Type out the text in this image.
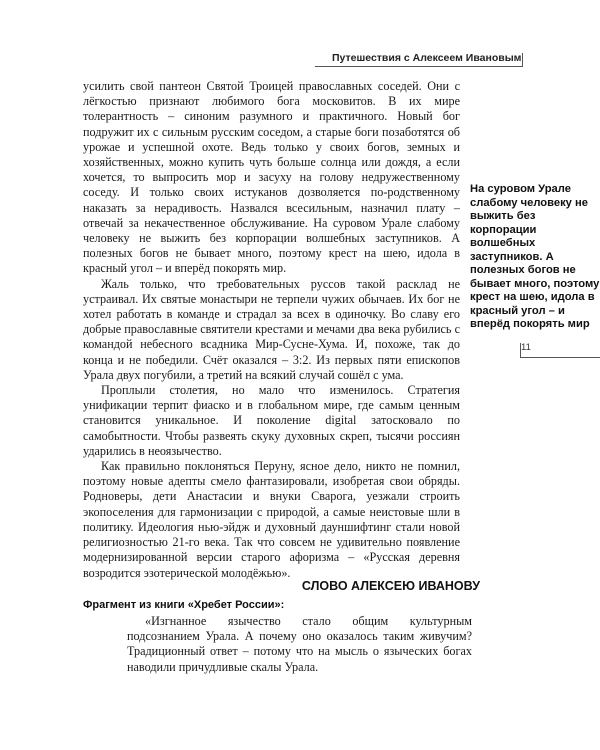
Путешествия с Алексеем Ивановым

усилить свой пантеон Святой Троицей православных соседей. Они с лёгкостью признают любимого бога московитов. В их мире толерантность – синоним разумного и практичного. Новый бог подружит их с сильным русским соседом, а старые боги позаботятся об урожае и успешной охоте. Ведь только у своих богов, земных и хозяйственных, можно купить чуть больше солнца или дождя, а если хочется, то выпросить мор и засуху на голову недружественному соседу. И только своих истуканов дозволяется по-родственному наказать за нерадивость. Назвался всесильным, назначил плату – отвечай за некачественное обслуживание. На суровом Урале слабому человеку не выжить без корпорации волшебных заступников. А полезных богов не бывает много, поэтому крест на шею, идола в красный угол – и вперёд покорять мир.

Жаль только, что требовательных руссов такой расклад не устраивал. Их святые монастыри не терпели чужих обычаев. Их бог не хотел работать в команде и страдал за всех в одиночку. Во славу его добрые православные святители крестами и мечами два века рубились с командой небесного всадника Мир-Сусне-Хума. И, похоже, так до конца и не победили. Счёт оказался – 3:2. Из первых пяти епископов Урала двух погубили, а третий на всякий случай сошёл с ума.

Проплыли столетия, но мало что изменилось. Стратегия унификации терпит фиаско и в глобальном мире, где самым ценным становится уникальное. И поколение digital затосковало по самобытности. Чтобы развеять скуку духовных скреп, тысячи россиян ударились в неоязычество.

Как правильно поклоняться Перуну, ясное дело, никто не помнил, поэтому новые адепты смело фантазировали, изобретая свои обряды. Родноверы, дети Анастасии и внуки Сварога, уезжали строить экопоселения для гармонизации с природой, а самые неистовые шли в политику. Идеология нью-эйдж и духовный дауншифтинг стали новой религиозностью 21-го века. Так что совсем не удивительно появление модернизированной версии старого афоризма – «Русская деревня возродится эзотерической молодёжью».

На суровом Урале слабому человеку не выжить без корпорации волшебных заступников. А полезных богов не бывает много, поэтому крест на шею, идола в красный угол – и вперёд покорять мир
11
СЛОВО АЛЕКСЕЮ ИВАНОВУ
Фрагмент из книги «Хребет России»:

«Изгнанное язычество стало общим культурным подсознанием Урала. А почему оно оказалось таким живучим? Традиционный ответ – потому что на мысль о языческих богах наводили причудливые скалы Урала.
